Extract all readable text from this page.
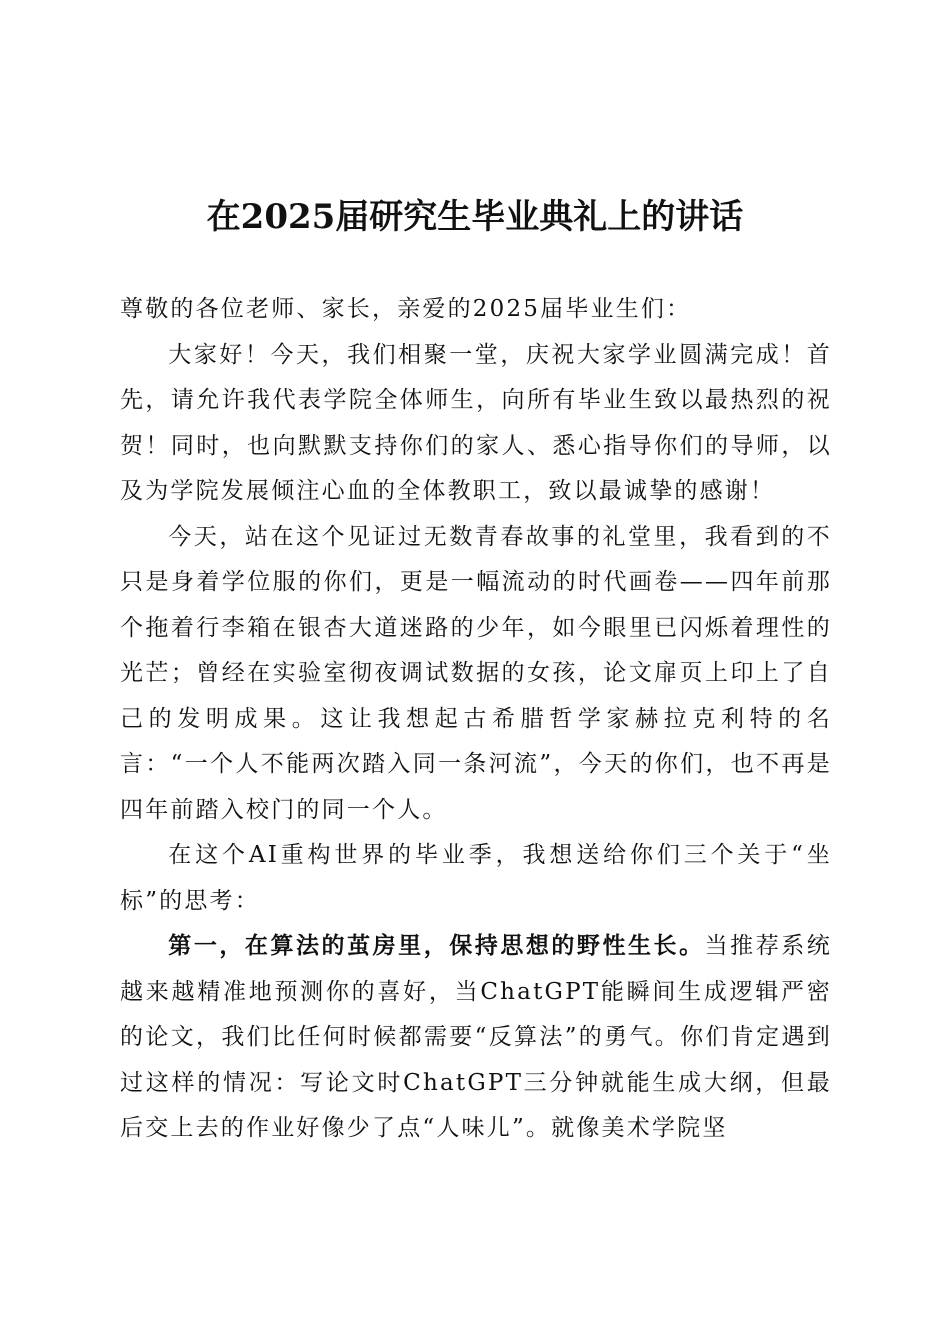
在2025届研究生毕业典礼上的讲话

尊敬的各位老师、家长，亲爱的2025届毕业生们：

大家好！今天，我们相聚一堂，庆祝大家学业圆满完成！首先，请允许我代表学院全体师生，向所有毕业生致以最热烈的祝贺！同时，也向默默支持你们的家人、悉心指导你们的导师，以及为学院发展倾注心血的全体教职工，致以最诚挚的感谢！

今天，站在这个见证过无数青春故事的礼堂里，我看到的不只是身着学位服的你们，更是一幅流动的时代画卷——四年前那个拖着行李箱在银杏大道迷路的少年，如今眼里已闪烁着理性的光芒；曾经在实验室彻夜调试数据的女孩，论文扉页上印上了自己的发明成果。这让我想起古希腊哲学家赫拉克利特的名言：“一个人不能两次踏入同一条河流”，今天的你们，也不再是四年前踏入校门的同一个人。

在这个AI重构世界的毕业季，我想送给你们三个关于“坐标”的思考：

第一，在算法的茧房里，保持思想的野性生长。当推荐系统越来越精准地预测你的喜好，当ChatGPT能瞬间生成逻辑严密的论文，我们比任何时候都需要“反算法”的勇气。你们肯定遇到过这样的情况：写论文时ChatGPT三分钟就能生成大纲，但最后交上去的作业好像少了点“人味儿”。就像美术学院坚
